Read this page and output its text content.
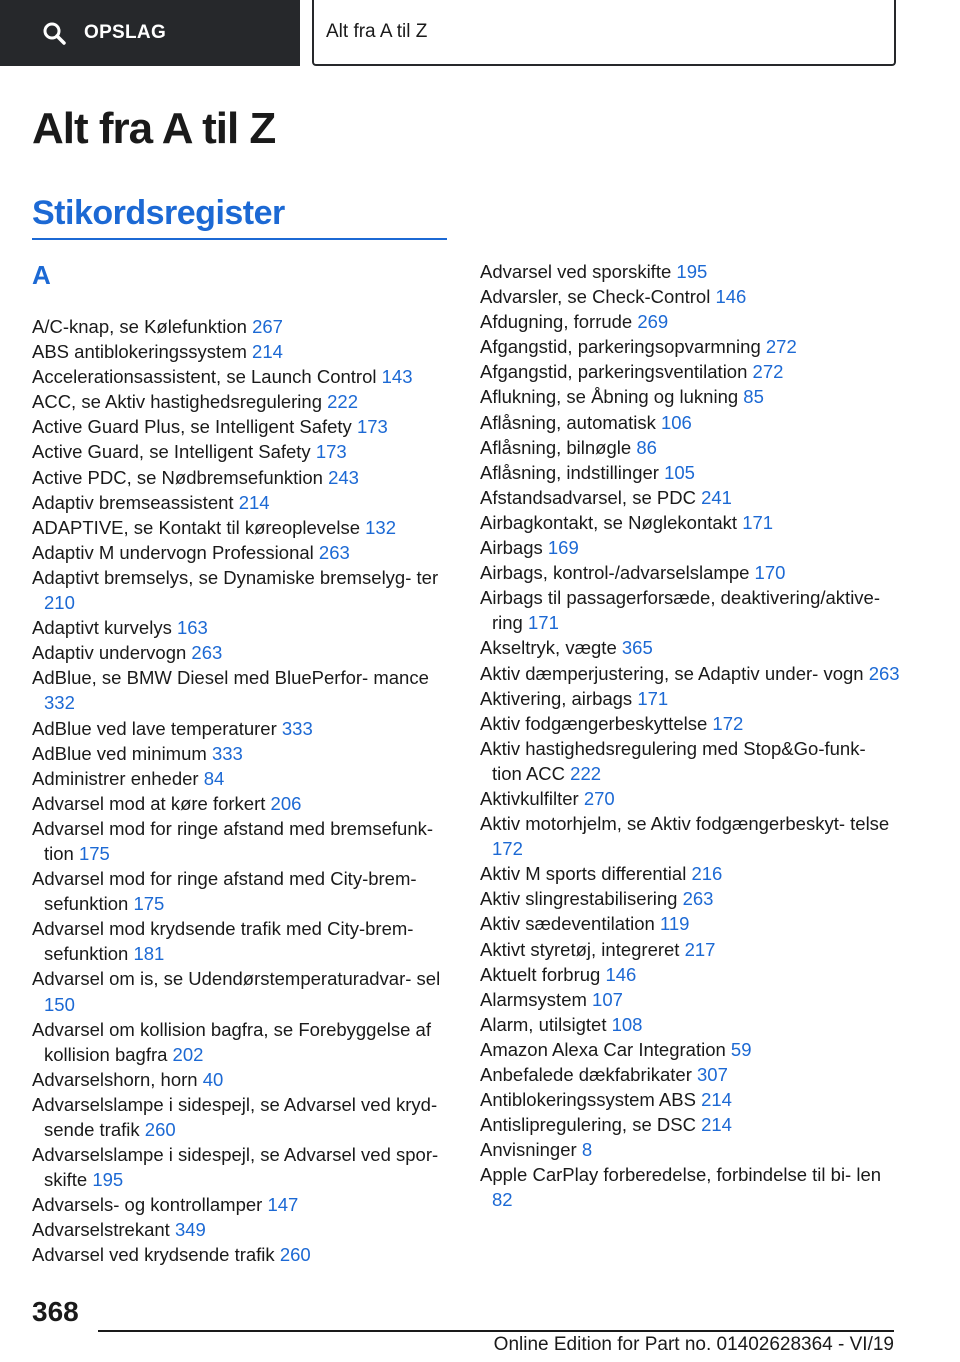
OPSLAG	Alt fra A til Z
Alt fra A til Z
Stikordsregister
A
A/C-knap, se Kølefunktion 267
ABS antiblokeringssystem 214
Accelerationsassistent, se Launch Control 143
ACC, se Aktiv hastighedsregulering 222
Active Guard Plus, se Intelligent Safety 173
Active Guard, se Intelligent Safety 173
Active PDC, se Nødbremsefunktion 243
Adaptiv bremseassistent 214
ADAPTIVE, se Kontakt til køreoplevelse 132
Adaptiv M undervogn Professional 263
Adaptivt bremselys, se Dynamiske bremselyg‐ ter 210
Adaptivt kurvelys 163
Adaptiv undervogn 263
AdBlue, se BMW Diesel med BluePerfor‐ mance 332
AdBlue ved lave temperaturer 333
AdBlue ved minimum 333
Administrer enheder 84
Advarsel mod at køre forkert 206
Advarsel mod for ringe afstand med bremsefunk‐ tion 175
Advarsel mod for ringe afstand med City-brem‐ sefunktion 175
Advarsel mod krydsende trafik med City-brem‐ sefunktion 181
Advarsel om is, se Udendørstemperaturadvar‐ sel 150
Advarsel om kollision bagfra, se Forebyggelse af kollision bagfra 202
Advarselshorn, horn 40
Advarselslampe i sidespejl, se Advarsel ved kryd‐ sende trafik 260
Advarselslampe i sidespejl, se Advarsel ved spor‐ skifte 195
Advarsels- og kontrollamper 147
Advarselstrekant 349
Advarsel ved krydsende trafik 260
Advarsel ved sporskifte 195
Advarsler, se Check-Control 146
Afdugning, forrude 269
Afgangstid, parkeringsopvarmning 272
Afgangstid, parkeringsventilation 272
Aflukning, se Åbning og lukning 85
Aflåsning, automatisk 106
Aflåsning, bilnøgle 86
Aflåsning, indstillinger 105
Afstandsadvarsel, se PDC 241
Airbagkontakt, se Nøglekontakt 171
Airbags 169
Airbags, kontrol-/advarselslampe 170
Airbags til passagerforsæde, deaktivering/aktive‐ ring 171
Akseltryk, vægte 365
Aktiv dæmperjustering, se Adaptiv under‐ vogn 263
Aktivering, airbags 171
Aktiv fodgængerbeskyttelse 172
Aktiv hastighedsregulering med Stop&Go-funk‐ tion ACC 222
Aktivkulfilter 270
Aktiv motorhjelm, se Aktiv fodgængerbeskyt‐ telse 172
Aktiv M sports differential 216
Aktiv slingrestabilisering 263
Aktiv sædeventilation 119
Aktivt styretøj, integreret 217
Aktuelt forbrug 146
Alarmsystem 107
Alarm, utilsigtet 108
Amazon Alexa Car Integration 59
Anbefalede dækfabrikater 307
Antiblokeringssystem ABS 214
Antislipregulering, se DSC 214
Anvisninger 8
Apple CarPlay forberedelse, forbindelse til bi‐ len 82
368
Online Edition for Part no. 01402628364 - VI/19
